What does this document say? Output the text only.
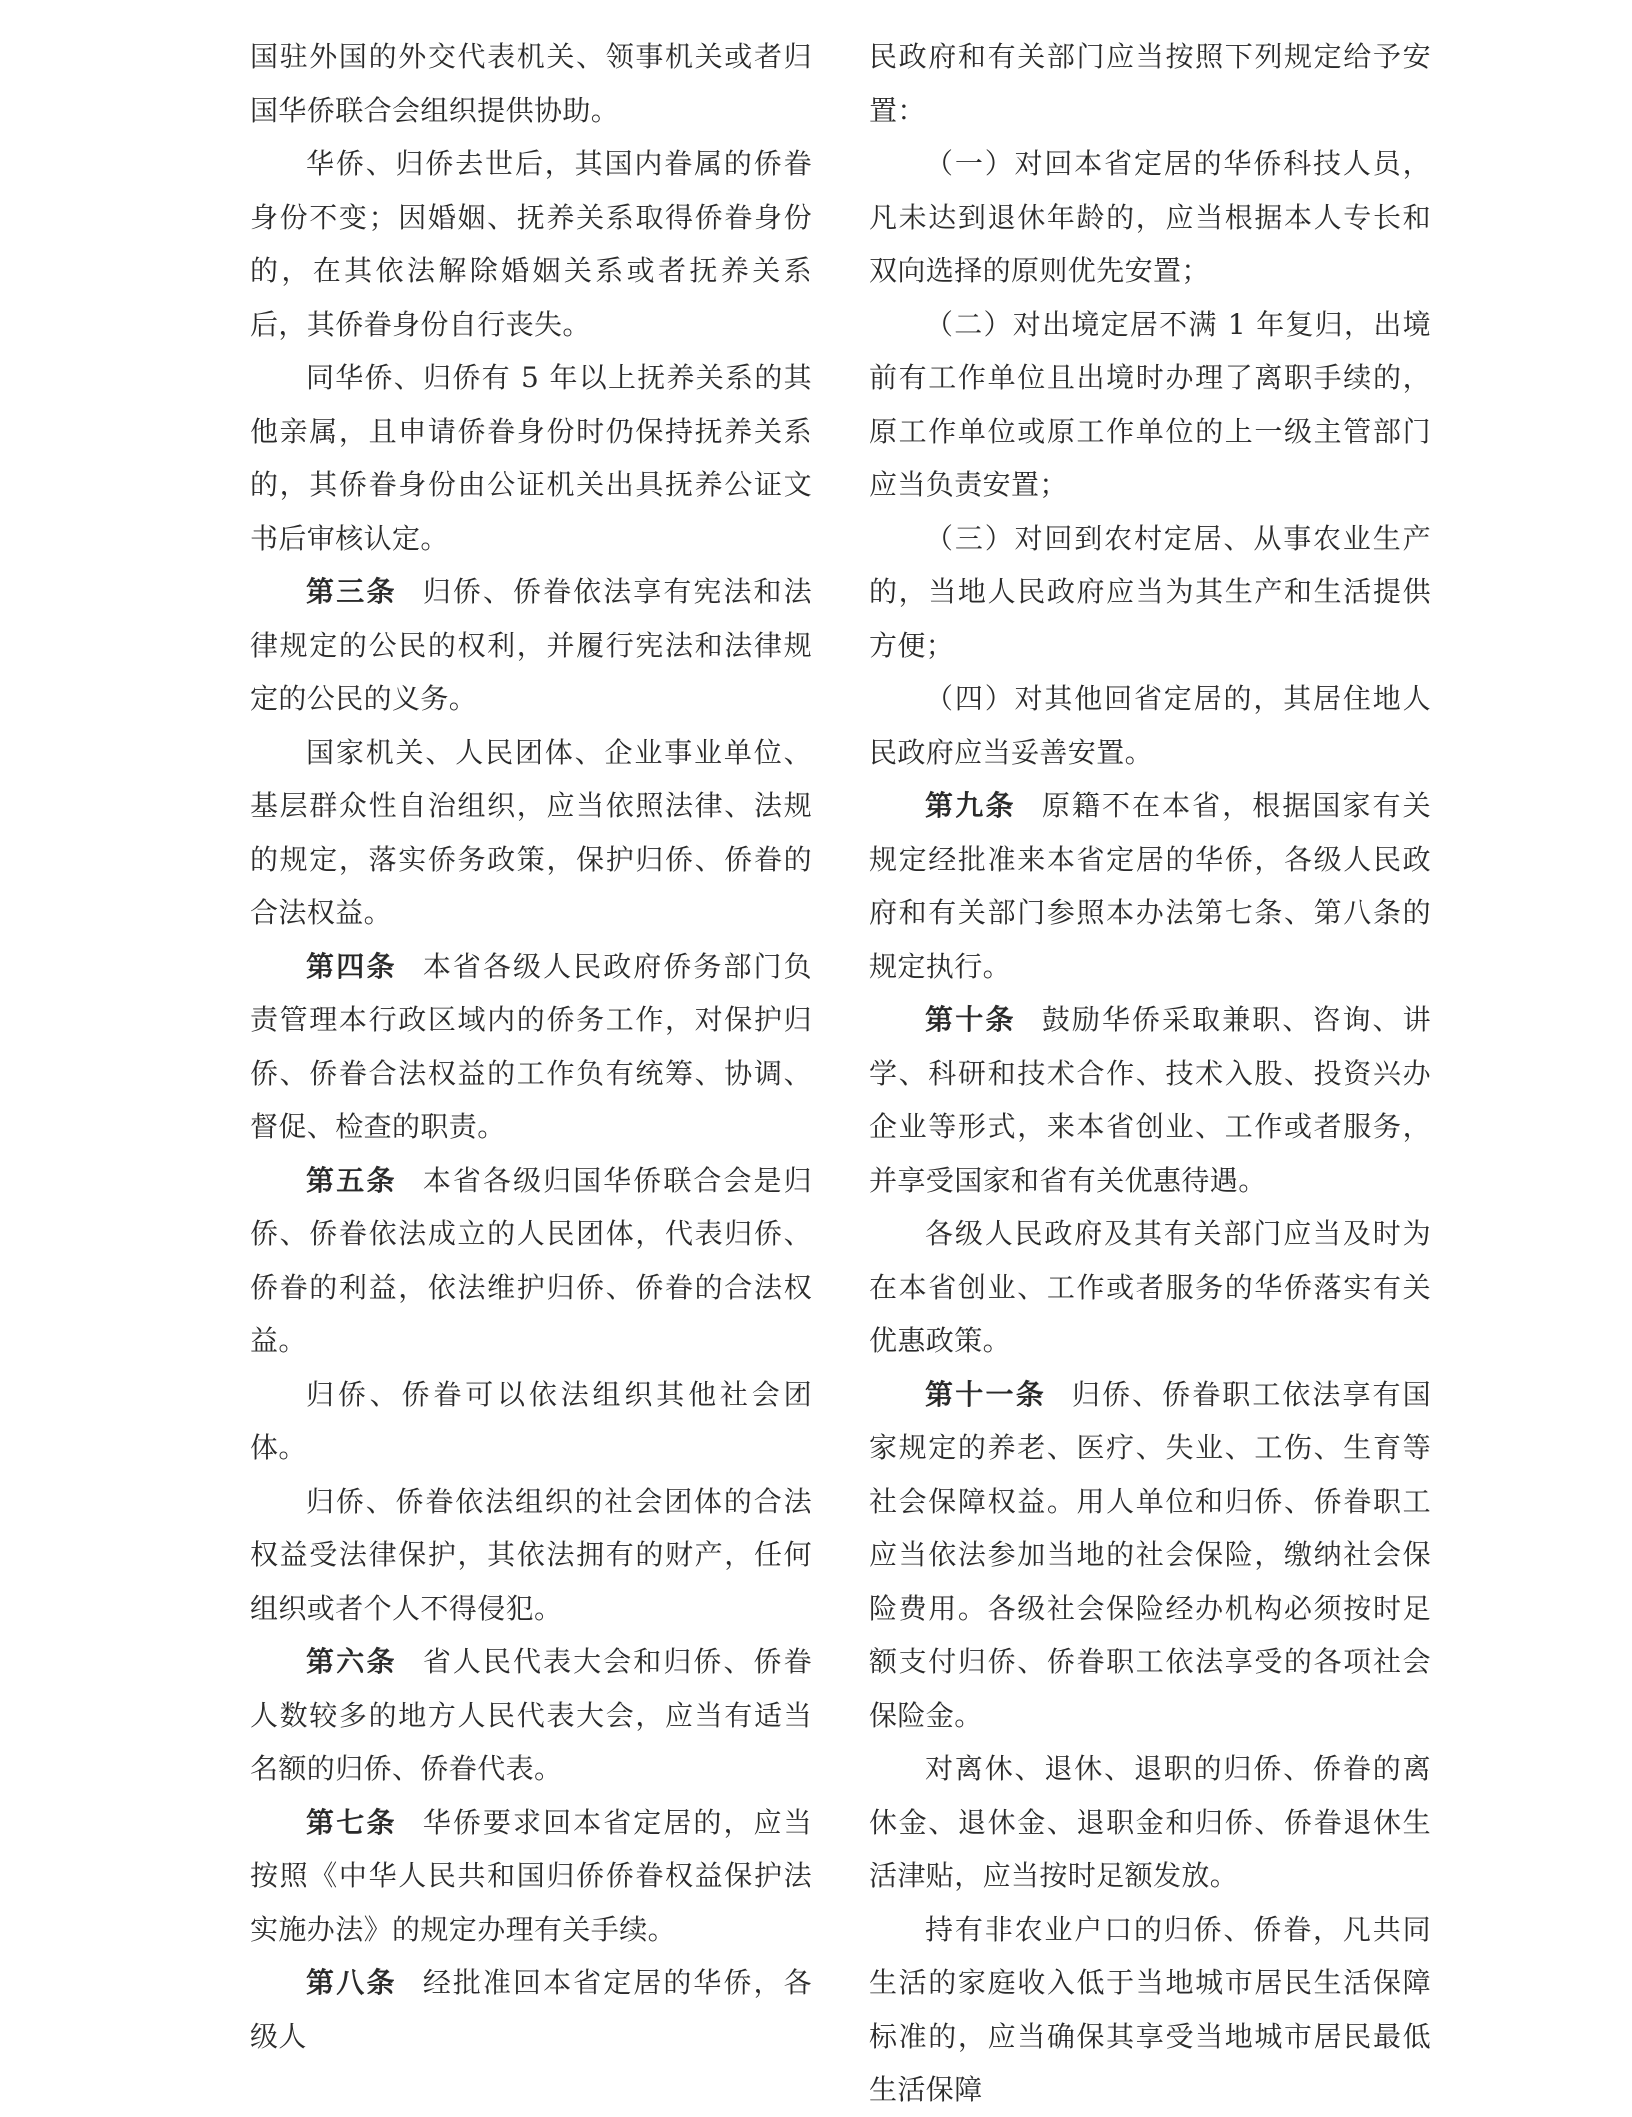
国驻外国的外交代表机关、领事机关或者归国华侨联合会组织提供协助。

华侨、归侨去世后，其国内眷属的侨眷身份不变；因婚姻、抚养关系取得侨眷身份的，在其依法解除婚姻关系或者抚养关系后，其侨眷身份自行丧失。

同华侨、归侨有 5 年以上抚养关系的其他亲属，且申请侨眷身份时仍保持抚养关系的，其侨眷身份由公证机关出具抚养公证文书后审核认定。

第三条 归侨、侨眷依法享有宪法和法律规定的公民的权利，并履行宪法和法律规定的公民的义务。

国家机关、人民团体、企业事业单位、基层群众性自治组织，应当依照法律、法规的规定，落实侨务政策，保护归侨、侨眷的合法权益。

第四条 本省各级人民政府侨务部门负责管理本行政区域内的侨务工作，对保护归侨、侨眷合法权益的工作负有统筹、协调、督促、检查的职责。

第五条 本省各级归国华侨联合会是归侨、侨眷依法成立的人民团体，代表归侨、侨眷的利益，依法维护归侨、侨眷的合法权益。

归侨、侨眷可以依法组织其他社会团体。

归侨、侨眷依法组织的社会团体的合法权益受法律保护，其依法拥有的财产，任何组织或者个人不得侵犯。

第六条 省人民代表大会和归侨、侨眷人数较多的地方人民代表大会，应当有适当名额的归侨、侨眷代表。

第七条 华侨要求回本省定居的，应当按照《中华人民共和国归侨侨眷权益保护法实施办法》的规定办理有关手续。

第八条 经批准回本省定居的华侨，各级人

民政府和有关部门应当按照下列规定给予安置：

（一）对回本省定居的华侨科技人员，凡未达到退休年龄的，应当根据本人专长和双向选择的原则优先安置；

（二）对出境定居不满 1 年复归，出境前有工作单位且出境时办理了离职手续的，原工作单位或原工作单位的上一级主管部门应当负责安置；

（三）对回到农村定居、从事农业生产的，当地人民政府应当为其生产和生活提供方便；

（四）对其他回省定居的，其居住地人民政府应当妥善安置。

第九条 原籍不在本省，根据国家有关规定经批准来本省定居的华侨，各级人民政府和有关部门参照本办法第七条、第八条的规定执行。

第十条 鼓励华侨采取兼职、咨询、讲学、科研和技术合作、技术入股、投资兴办企业等形式，来本省创业、工作或者服务，并享受国家和省有关优惠待遇。

各级人民政府及其有关部门应当及时为在本省创业、工作或者服务的华侨落实有关优惠政策。

第十一条 归侨、侨眷职工依法享有国家规定的养老、医疗、失业、工伤、生育等社会保障权益。用人单位和归侨、侨眷职工应当依法参加当地的社会保险，缴纳社会保险费用。各级社会保险经办机构必须按时足额支付归侨、侨眷职工依法享受的各项社会保险金。

对离休、退休、退职的归侨、侨眷的离休金、退休金、退职金和归侨、侨眷退休生活津贴，应当按时足额发放。

持有非农业户口的归侨、侨眷，凡共同生活的家庭收入低于当地城市居民生活保障标准的，应当确保其享受当地城市居民最低生活保障
